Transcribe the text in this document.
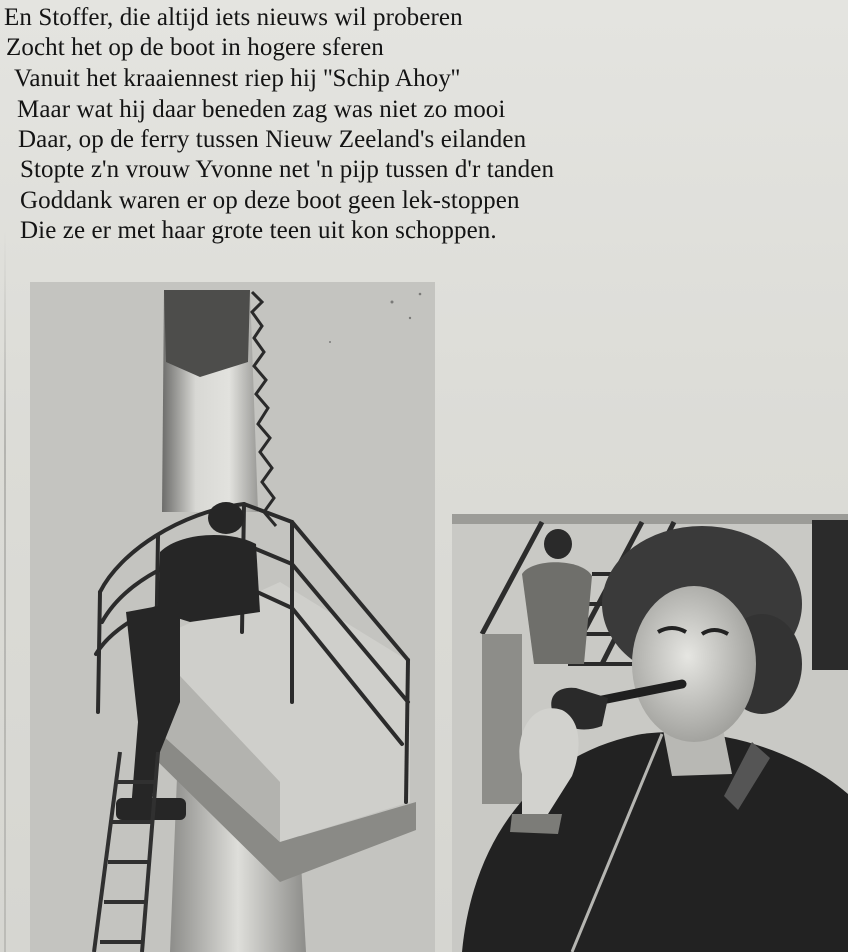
En Stoffer, die altijd iets nieuws wil proberen
Zocht het op de boot in hogere sferen
Vanuit het kraaiennest riep hij ''Schip Ahoy''
Maar wat hij daar beneden zag was niet zo mooi
Daar, op de ferry tussen Nieuw Zeeland's eilanden
Stopte z'n vrouw Yvonne net 'n pijp tussen d'r tanden
Goddank waren er op deze boot geen lek-stoppen
Die ze er met haar grote teen uit kon schoppen.
